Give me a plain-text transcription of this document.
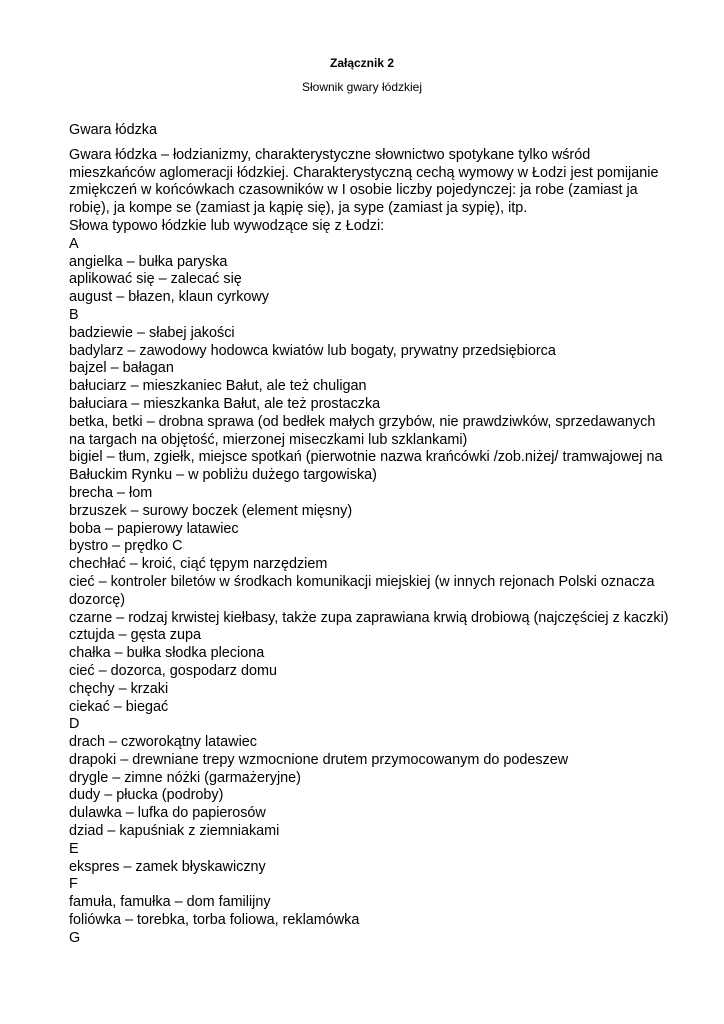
Załącznik 2
Słownik gwary łódzkiej

Gwara łódzka

Gwara łódzka – łodzianizmy, charakterystyczne słownictwo spotykane tylko wśród mieszkańców aglomeracji łódzkiej. Charakterystyczną cechą wymowy w Łodzi jest pomijanie zmiękczeń w końcówkach czasowników w I osobie liczby pojedynczej: ja robe (zamiast ja robię), ja kompe se (zamiast ja kąpię się), ja sype (zamiast ja sypię), itp.

Słowa typowo łódzkie lub wywodzące się z Łodzi:

A

angielka – bułka paryska

aplikować się – zalecać się

august – błazen, klaun cyrkowy

B

badziewie – słabej jakości

badylarz – zawodowy hodowca kwiatów lub bogaty, prywatny przedsiębiorca

bajzel – bałagan

bałuciarz – mieszkaniec Bałut, ale też chuligan

bałuciara – mieszkanka Bałut, ale też prostaczka

betka, betki – drobna sprawa (od bedłek małych grzybów, nie prawdziwków, sprzedawanych na targach na objętość, mierzonej miseczkami lub szklankami)

bigiel – tłum, zgiełk, miejsce spotkań (pierwotnie nazwa krańcówki /zob.niżej/ tramwajowej na Bałuckim Rynku – w pobliżu dużego targowiska)

brecha – łom

brzuszek – surowy boczek (element mięsny)

boba – papierowy latawiec

bystro – prędko C

chechłać – kroić, ciąć tępym narzędziem

cieć – kontroler biletów w środkach komunikacji miejskiej (w innych rejonach Polski oznacza dozorcę)

czarne – rodzaj krwistej kiełbasy, także zupa zaprawiana krwią drobiową (najczęściej z kaczki)

cztujda – gęsta zupa

chałka – bułka słodka pleciona

cieć – dozorca, gospodarz domu

chęchy – krzaki

ciekać – biegać

D

drach – czworokątny latawiec

drapoki – drewniane trepy wzmocnione drutem przymocowanym do podeszew

drygle – zimne nóżki (garmażeryjne)

dudy – płucka (podroby)

dulawka – lufka do papierosów

dziad – kapuśniak z ziemniakami

E

ekspres – zamek błyskawiczny

F

famuła, famułka – dom familijny

foliówka – torebka, torba foliowa, reklamówka

G
